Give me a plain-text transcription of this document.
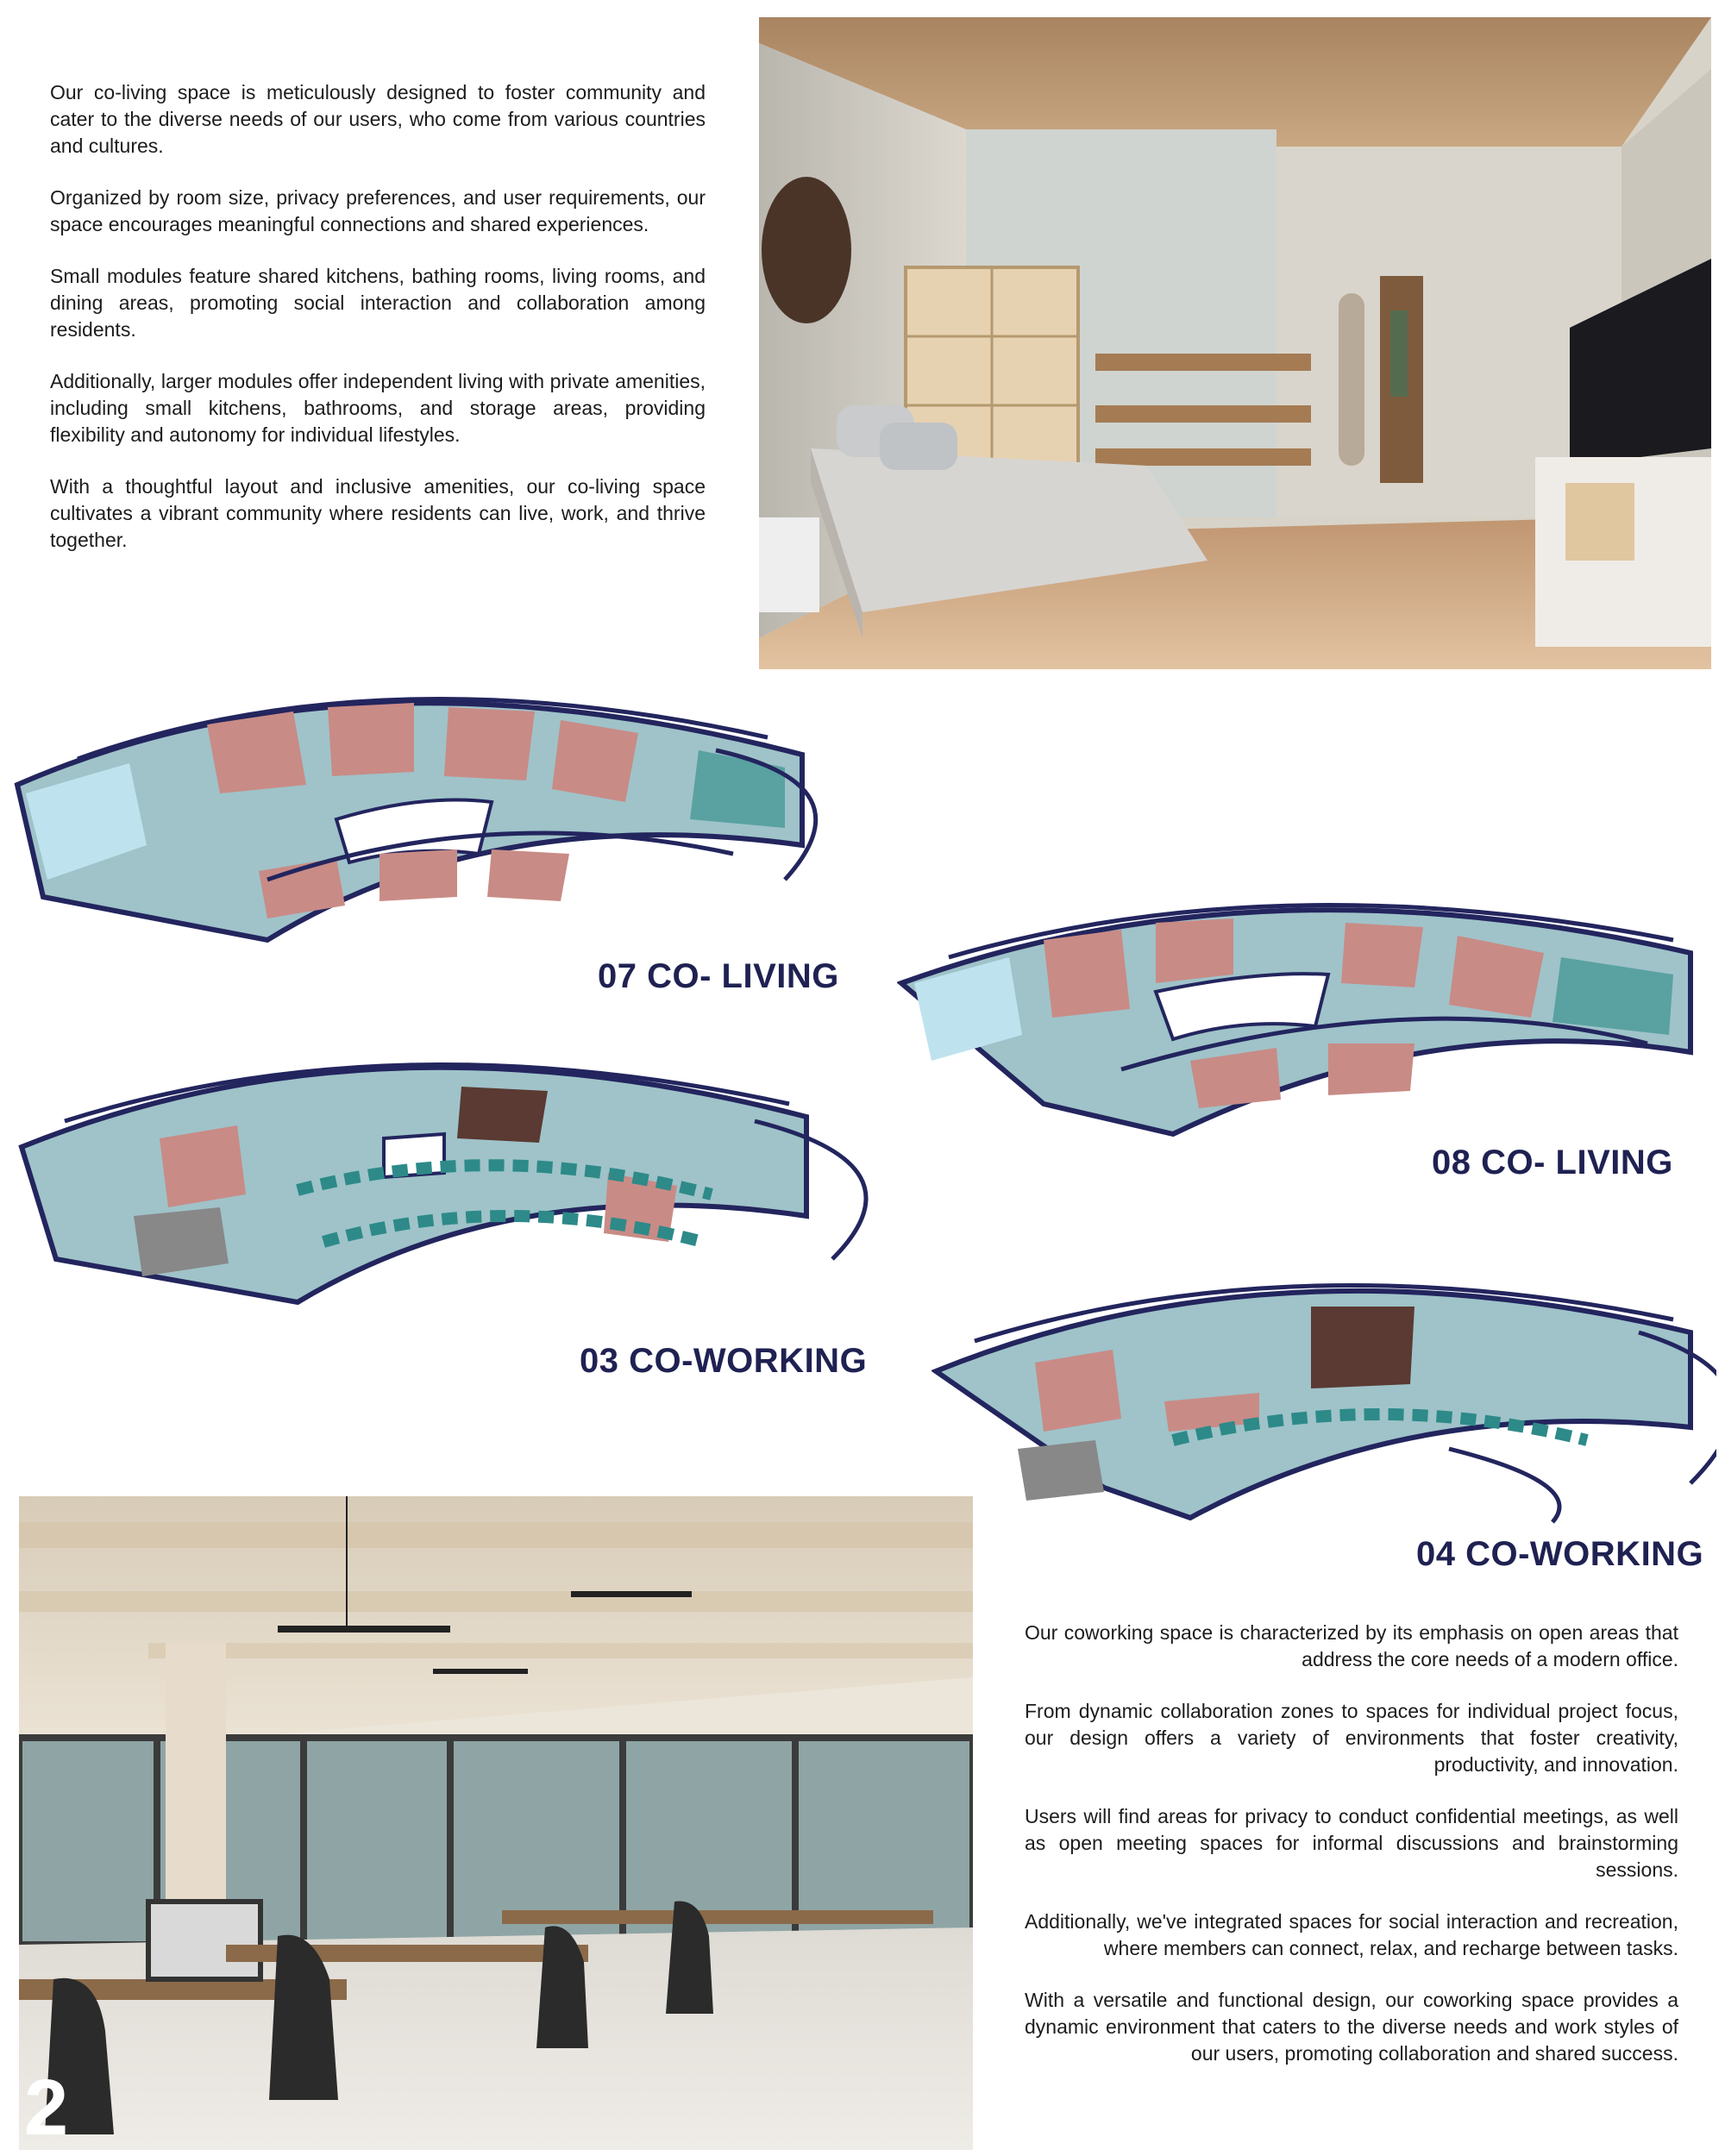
Our co-living space is meticulously designed to foster community and cater to the diverse needs of our users, who come from various countries and cultures.

Organized by room size, privacy preferences, and user requirements, our space encourages meaningful connections and shared experiences.

Small modules feature shared kitchens, bathing rooms, living rooms, and dining areas, promoting social interaction and collaboration among residents.

Additionally, larger modules offer independent living with private amenities, including small kitchens, bathrooms, and storage areas, providing flexibility and autonomy for individual lifestyles.

With a thoughtful layout and inclusive amenities, our co-living space cultivates a vibrant community where residents can live, work, and thrive together.

07 CO- LIVING
08 CO- LIVING
03 CO-WORKING
04 CO-WORKING
2

Our coworking space is characterized by its emphasis on open areas that address the core needs of a modern office.

From dynamic collaboration zones to spaces for individual project focus, our design offers a variety of environments that foster creativity, productivity, and innovation.

Users will find areas for privacy to conduct confidential meetings, as well as open meeting spaces for informal discussions and brainstorming sessions.

Additionally, we've integrated spaces for social interaction and recreation, where members can connect, relax, and recharge between tasks.

With a versatile and functional design, our coworking space provides a dynamic environment that caters to the diverse needs and work styles of our users, promoting collaboration and shared success.
